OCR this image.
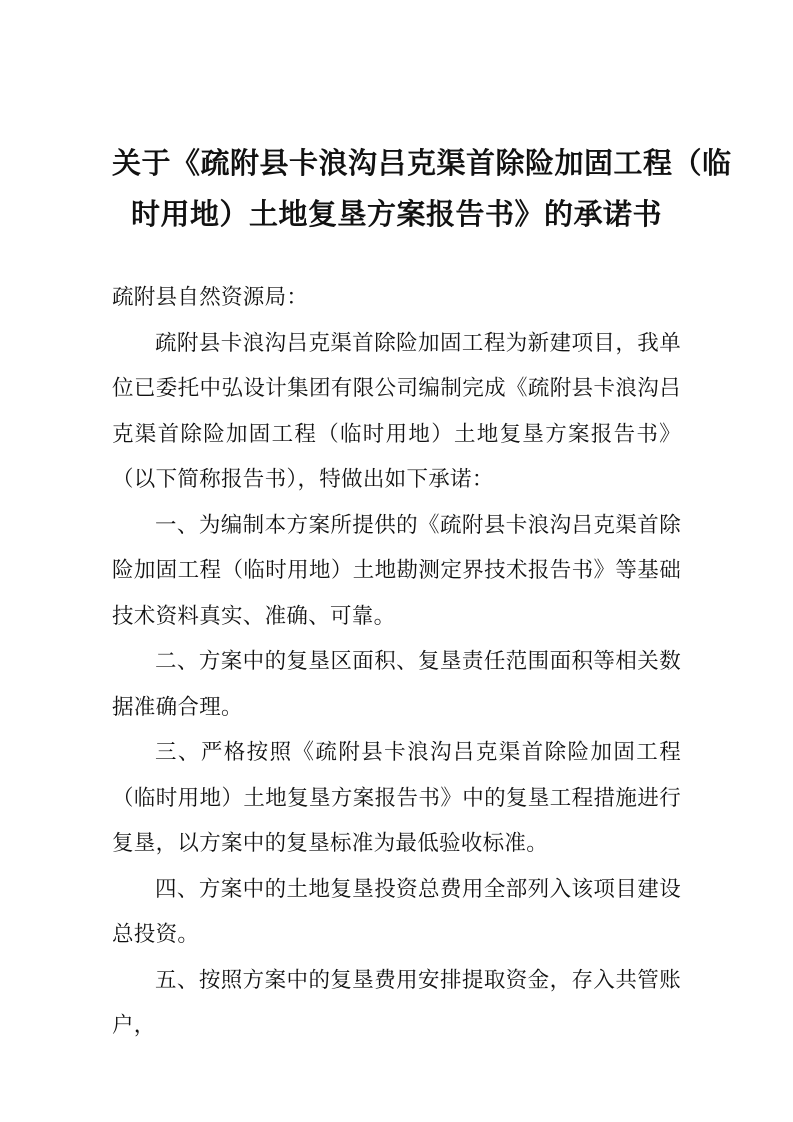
关于《疏附县卡浪沟吕克渠首除险加固工程（临
时用地）土地复垦方案报告书》的承诺书

疏附县自然资源局：

疏附县卡浪沟吕克渠首除险加固工程为新建项目，我单位已委托中弘设计集团有限公司编制完成《疏附县卡浪沟吕克渠首除险加固工程（临时用地）土地复垦方案报告书》（以下简称报告书），特做出如下承诺：

一、为编制本方案所提供的《疏附县卡浪沟吕克渠首除险加固工程（临时用地）土地勘测定界技术报告书》等基础技术资料真实、准确、可靠。

二、方案中的复垦区面积、复垦责任范围面积等相关数据准确合理。

三、严格按照《疏附县卡浪沟吕克渠首除险加固工程（临时用地）土地复垦方案报告书》中的复垦工程措施进行复垦，以方案中的复垦标准为最低验收标准。

四、方案中的土地复垦投资总费用全部列入该项目建设总投资。

五、按照方案中的复垦费用安排提取资金，存入共管账户，
